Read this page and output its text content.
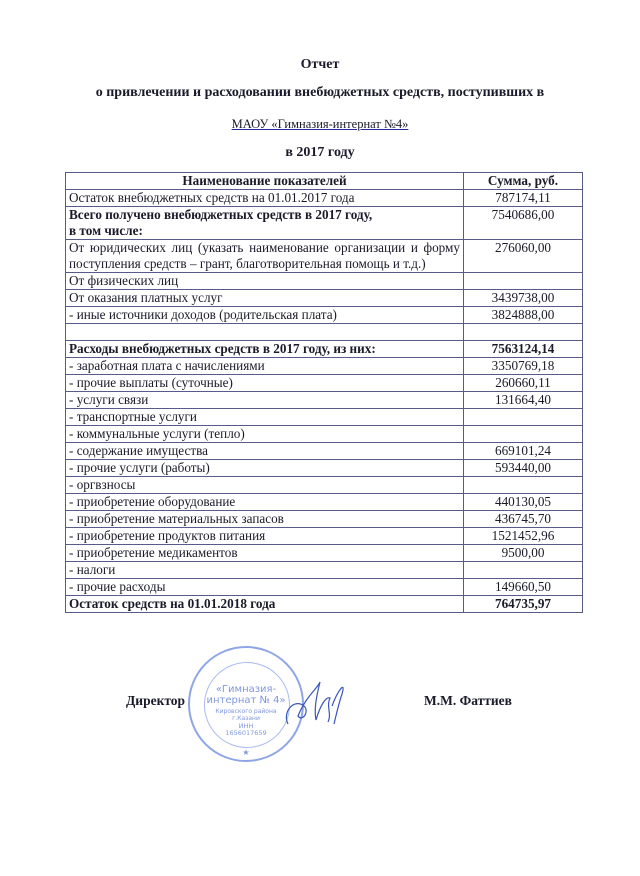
Отчет
о привлечении и расходовании внебюджетных средств, поступивших в
МАОУ «Гимназия-интернат №4»
в 2017 году
Наименование показателей	Сумма, руб.
Остаток внебюджетных средств на 01.01.2017 года	787174,11

Всего получено внебюджетных средств в 2017 году,
в том числе:	7540686,00
От юридических лиц (указать наименование организации и форму поступления средств – грант, благотворительная помощь и т.д.)	276060,00
От физических лиц	
От оказания платных услуг	3439738,00
- иные источники доходов (родительская плата)	3824888,00

Расходы внебюджетных средств в 2017 году, из них:	7563124,14
- заработная плата с начислениями	3350769,18
- прочие выплаты (суточные)	260660,11
- услуги связи	131664,40
- транспортные услуги	
- коммунальные услуги (тепло)	
- содержание имущества	669101,24
- прочие услуги (работы)	593440,00
- оргвзносы	
- приобретение оборудование	440130,05
- приобретение материальных запасов	436745,70
- приобретение продуктов питания	1521452,96
- приобретение медикаментов	9500,00
- налоги	
- прочие расходы	149660,50
Остаток средств на 01.01.2018 года	764735,97
Директор
«Гимназия-
интернат № 4»
Кировского района
г.Казани
ИНН
1656017659
★
М.М. Фаттиев
